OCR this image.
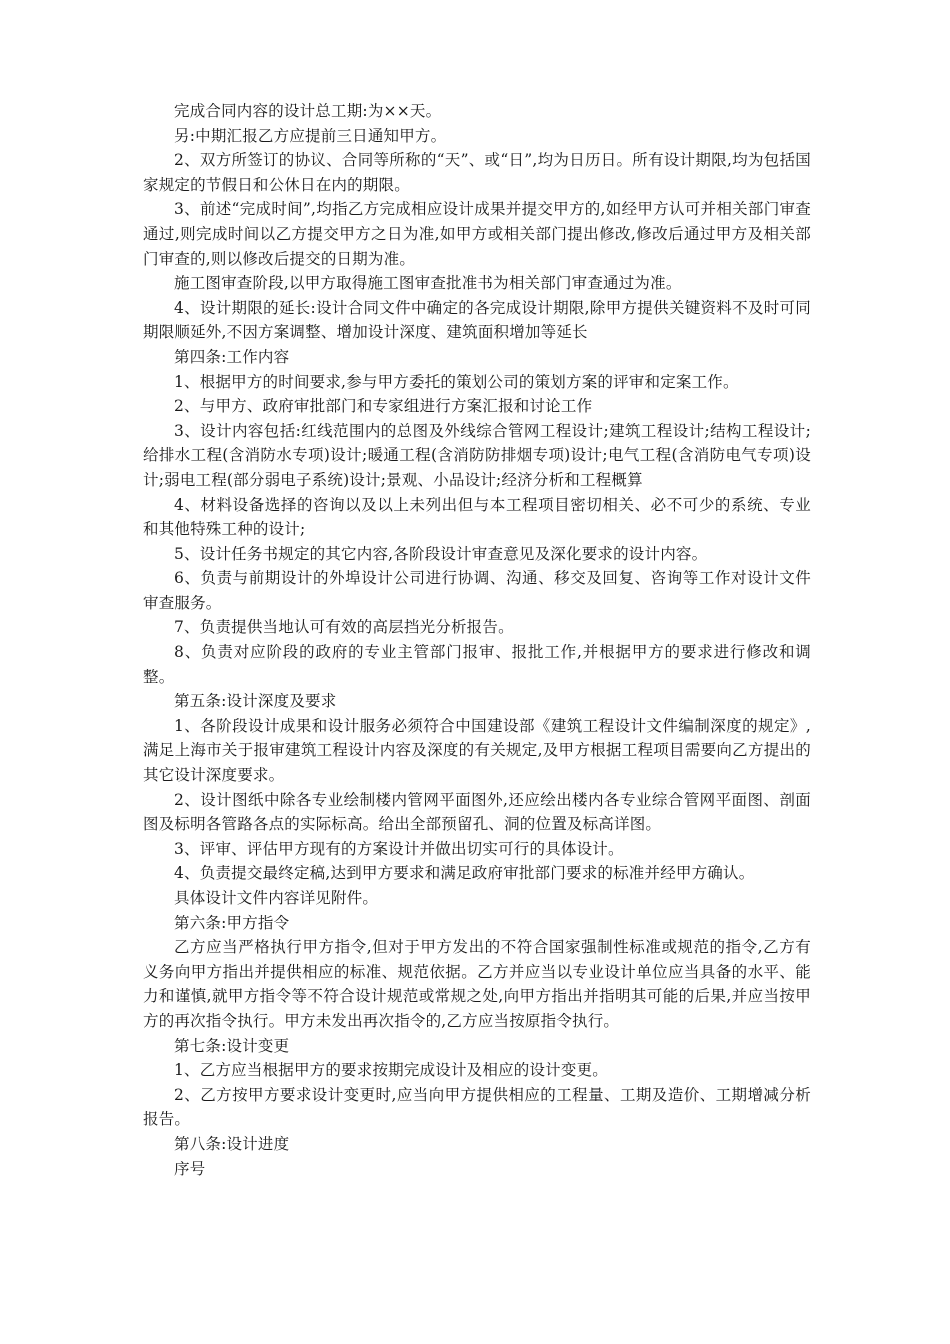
完成合同内容的设计总工期:为××天。

另:中期汇报乙方应提前三日通知甲方。

2、双方所签订的协议、合同等所称的“天”、或“日”,均为日历日。所有设计期限,均为包括国家规定的节假日和公休日在内的期限。

3、前述“完成时间”,均指乙方完成相应设计成果并提交甲方的,如经甲方认可并相关部门审查通过,则完成时间以乙方提交甲方之日为准,如甲方或相关部门提出修改,修改后通过甲方及相关部门审查的,则以修改后提交的日期为准。

施工图审查阶段,以甲方取得施工图审查批准书为相关部门审查通过为准。

4、设计期限的延长:设计合同文件中确定的各完成设计期限,除甲方提供关键资料不及时可同期限顺延外,不因方案调整、增加设计深度、建筑面积增加等延长

第四条:工作内容

1、根据甲方的时间要求,参与甲方委托的策划公司的策划方案的评审和定案工作。

2、与甲方、政府审批部门和专家组进行方案汇报和讨论工作

3、设计内容包括:红线范围内的总图及外线综合管网工程设计;建筑工程设计;结构工程设计;给排水工程(含消防水专项)设计;暖通工程(含消防防排烟专项)设计;电气工程(含消防电气专项)设计;弱电工程(部分弱电子系统)设计;景观、小品设计;经济分析和工程概算

4、材料设备选择的咨询以及以上未列出但与本工程项目密切相关、必不可少的系统、专业和其他特殊工种的设计;

5、设计任务书规定的其它内容,各阶段设计审查意见及深化要求的设计内容。

6、负责与前期设计的外埠设计公司进行协调、沟通、移交及回复、咨询等工作对设计文件审查服务。

7、负责提供当地认可有效的高层挡光分析报告。

8、负责对应阶段的政府的专业主管部门报审、报批工作,并根据甲方的要求进行修改和调整。

第五条:设计深度及要求

1、各阶段设计成果和设计服务必须符合中国建设部《建筑工程设计文件编制深度的规定》,满足上海市关于报审建筑工程设计内容及深度的有关规定,及甲方根据工程项目需要向乙方提出的其它设计深度要求。

2、设计图纸中除各专业绘制楼内管网平面图外,还应绘出楼内各专业综合管网平面图、剖面图及标明各管路各点的实际标高。给出全部预留孔、洞的位置及标高详图。

3、评审、评估甲方现有的方案设计并做出切实可行的具体设计。

4、负责提交最终定稿,达到甲方要求和满足政府审批部门要求的标准并经甲方确认。

具体设计文件内容详见附件。

第六条:甲方指令

乙方应当严格执行甲方指令,但对于甲方发出的不符合国家强制性标准或规范的指令,乙方有义务向甲方指出并提供相应的标准、规范依据。乙方并应当以专业设计单位应当具备的水平、能力和谨慎,就甲方指令等不符合设计规范或常规之处,向甲方指出并指明其可能的后果,并应当按甲方的再次指令执行。甲方未发出再次指令的,乙方应当按原指令执行。

第七条:设计变更

1、乙方应当根据甲方的要求按期完成设计及相应的设计变更。

2、乙方按甲方要求设计变更时,应当向甲方提供相应的工程量、工期及造价、工期增减分析报告。

第八条:设计进度

序号
